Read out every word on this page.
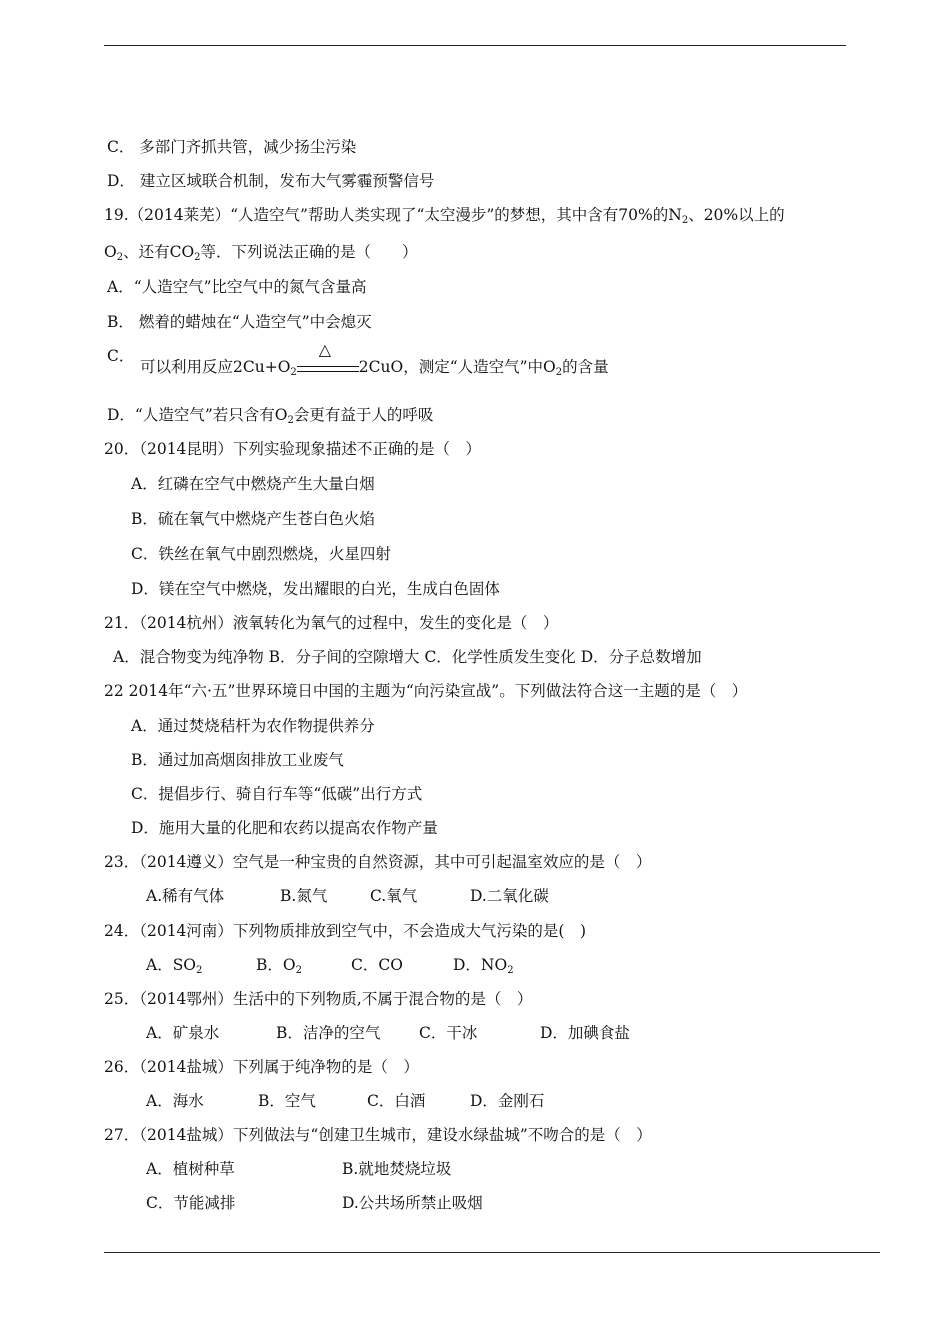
C． 多部门齐抓共管，减少扬尘污染
D． 建立区域联合机制，发布大气雾霾预警信号
19.（2014莱芜）“人造空气”帮助人类实现了“太空漫步”的梦想，其中含有70%的$N_2$、20%以上的
$O_2$、还有$CO_2$等．下列说法正确的是（　　）
A．“人造空气”比空气中的氮气含量高
B． 燃着的蜡烛在“人造空气”中会熄灭
C．
可以利用反应$2Cu+O_2$
△
2CuO，测定“人造空气”中$O_2$的含量
D．“人造空气”若只含有$O_2$会更有益于人的呼吸
20．（2014昆明）下列实验现象描述不正确的是（　）
A．红磷在空气中燃烧产生大量白烟
B．硫在氧气中燃烧产生苍白色火焰
C．铁丝在氧气中剧烈燃烧，火星四射
D．镁在空气中燃烧，发出耀眼的白光，生成白色固体
21．（2014杭州）液氧转化为氧气的过程中，发生的变化是（　）
A．混合物变为纯净物 B．分子间的空隙增大 C．化学性质发生变化 D．分子总数增加
22 2014年“六·五”世界环境日中国的主题为“向污染宣战”。下列做法符合这一主题的是（　）
A．通过焚烧秸杆为农作物提供养分
B．通过加高烟囱排放工业废气
C．提倡步行、骑自行车等“低碳”出行方式
D．施用大量的化肥和农药以提高农作物产量
23．（2014遵义）空气是一种宝贵的自然资源，其中可引起温室效应的是（　）
A.稀有气体	B.氮气	C.氧气	D.二氧化碳
24．（2014河南）下列物质排放到空气中，不会造成大气污染的是(　)
A．$SO_2$	B．$O_2$	C．CO	D．$NO_2$
25．（2014鄂州）生活中的下列物质,不属于混合物的是（　）
A．矿泉水	B．洁净的空气 C．干冰	D．加碘食盐
26．（2014盐城）下列属于纯净物的是（　）
A．海水	B．空气	C．白酒	D．金刚石
27．（2014盐城）下列做法与“创建卫生城市，建设水绿盐城”不吻合的是（　）
A．植树种草	B.就地焚烧垃圾
C．节能减排	D.公共场所禁止吸烟
